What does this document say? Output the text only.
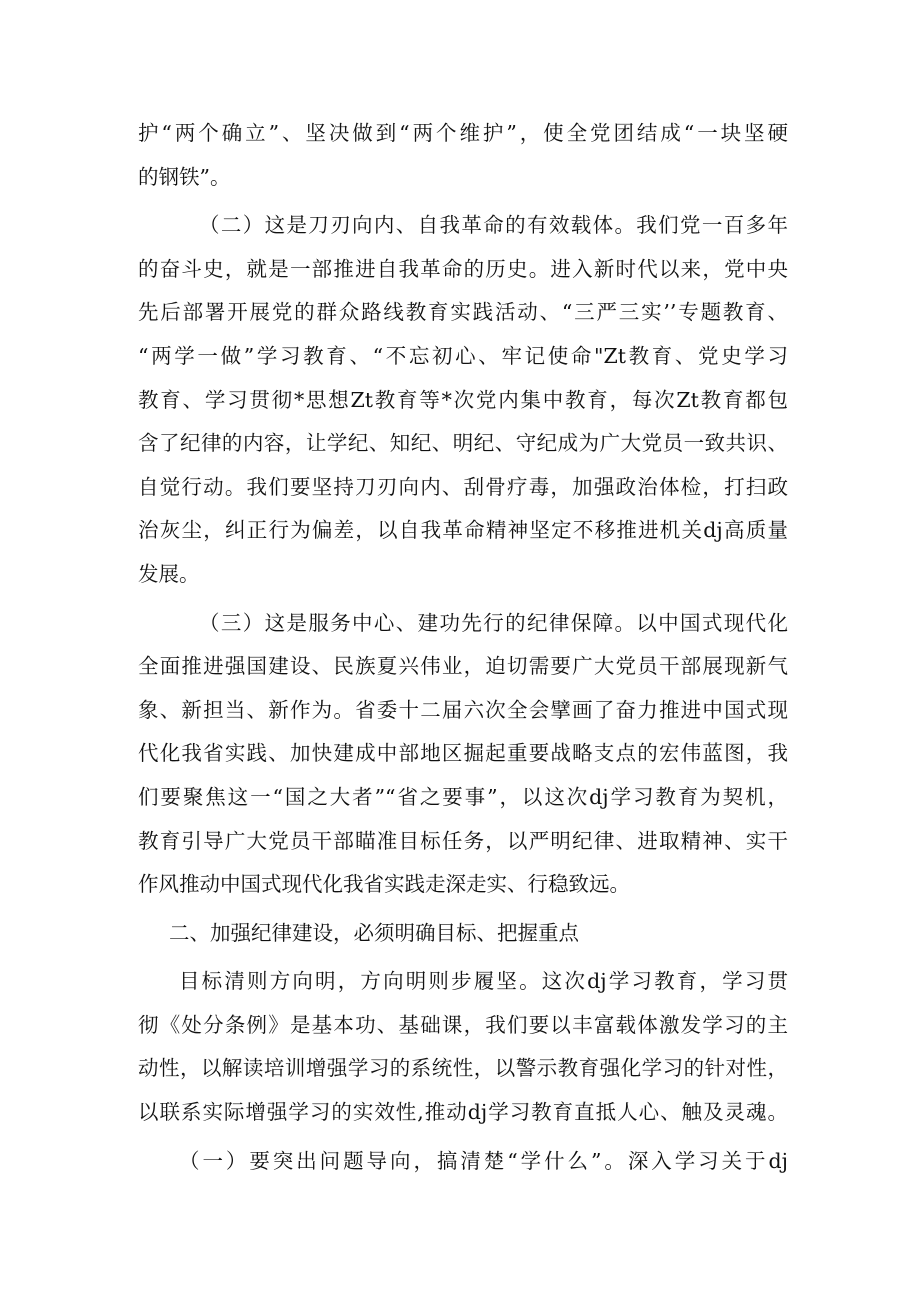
护“两个确立”、坚决做到“两个维护”，使全党团结成“一块坚硬
的钢铁”。
（二）这是刀刃向内、自我革命的有效载体。我们党一百多年
的奋斗史，就是一部推进自我革命的历史。进入新时代以来，党中央
先后部署开展党的群众路线教育实践活动、“三严三实’’专题教育、
“两学一做”学习教育、“不忘初心、牢记使命"Zt教育、党史学习
教育、学习贯彻*思想Zt教育等*次党内集中教育，每次Zt教育都包
含了纪律的内容，让学纪、知纪、明纪、守纪成为广大党员一致共识、
自觉行动。我们要坚持刀刃向内、刮骨疗毒，加强政治体检，打扫政
治灰尘，纠正行为偏差，以自我革命精神坚定不移推进机关dj高质量
发展。
（三）这是服务中心、建功先行的纪律保障。以中国式现代化
全面推进强国建设、民族夏兴伟业，迫切需要广大党员干部展现新气
象、新担当、新作为。省委十二届六次全会擘画了奋力推进中国式现
代化我省实践、加快建成中部地区掘起重要战略支点的宏伟蓝图，我
们要聚焦这一“国之大者”“省之要事”，以这次dj学习教育为契机，
教育引导广大党员干部瞄准目标任务，以严明纪律、进取精神、实干
作风推动中国式现代化我省实践走深走实、行稳致远。
二、加强纪律建设，必须明确目标、把握重点
目标清则方向明，方向明则步履坚。这次dj学习教育，学习贯
彻《处分条例》是基本功、基础课，我们要以丰富载体激发学习的主
动性，以解读培训增强学习的系统性，以警示教育强化学习的针对性，
以联系实际增强学习的实效性,推动dj学习教育直抵人心、触及灵魂。
（一）要突出问题导向，搞清楚“学什么”。深入学习关于dj
